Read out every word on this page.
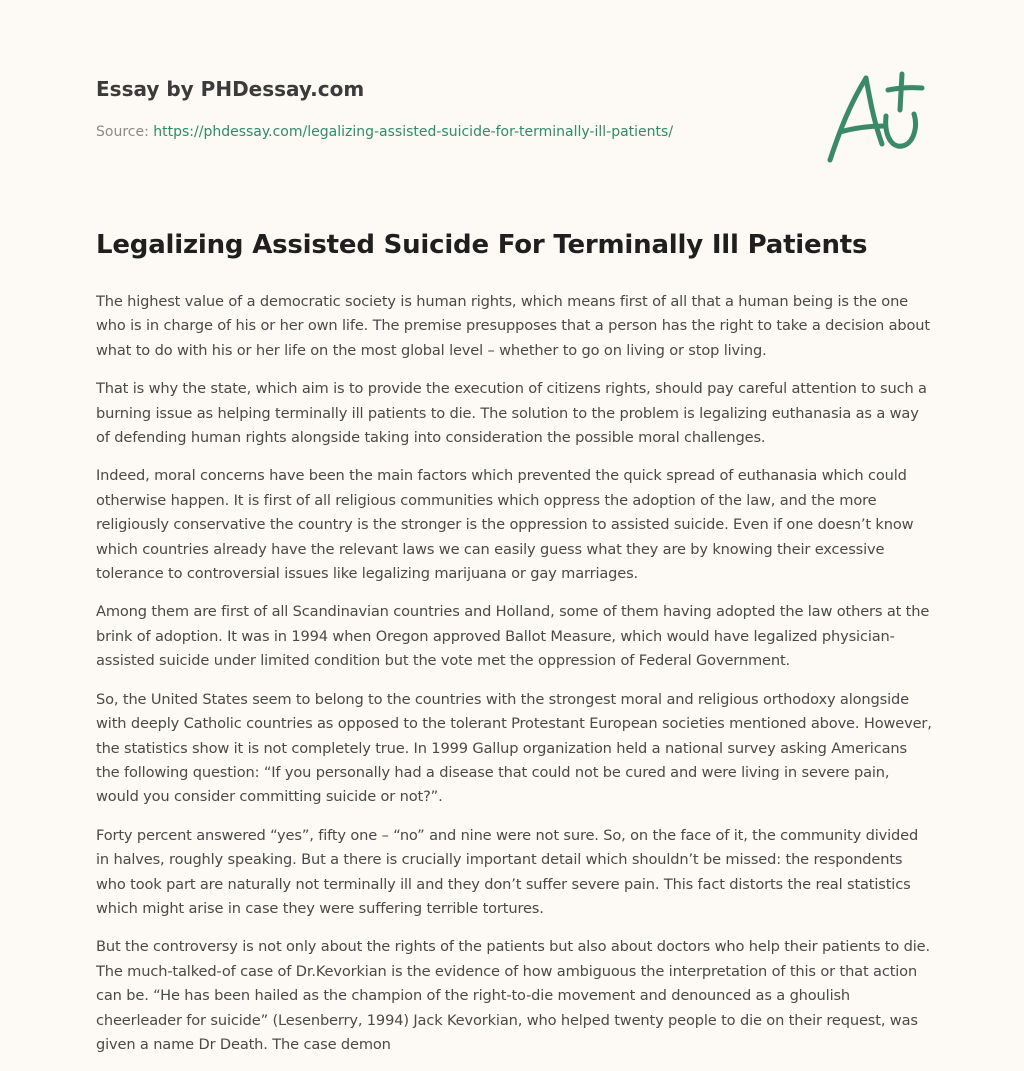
Essay by PHDessay.com
Source: https://phdessay.com/legalizing-assisted-suicide-for-terminally-ill-patients/
Legalizing Assisted Suicide For Terminally Ill Patients

The highest value of a democratic society is human rights, which means first of all that a human being is the one who is in charge of his or her own life. The premise presupposes that a person has the right to take a decision about what to do with his or her life on the most global level – whether to go on living or stop living.

That is why the state, which aim is to provide the execution of citizens rights, should pay careful attention to such a burning issue as helping terminally ill patients to die. The solution to the problem is legalizing euthanasia as a way of defending human rights alongside taking into consideration the possible moral challenges.

Indeed, moral concerns have been the main factors which prevented the quick spread of euthanasia which could otherwise happen. It is first of all religious communities which oppress the adoption of the law, and the more religiously conservative the country is the stronger is the oppression to assisted suicide. Even if one doesn’t know which countries already have the relevant laws we can easily guess what they are by knowing their excessive tolerance to controversial issues like legalizing marijuana or gay marriages.

Among them are first of all Scandinavian countries and Holland, some of them having adopted the law others at the brink of adoption. It was in 1994 when Oregon approved Ballot Measure, which would have legalized physician-assisted suicide under limited condition but the vote met the oppression of Federal Government.

So, the United States seem to belong to the countries with the strongest moral and religious orthodoxy alongside with deeply Catholic countries as opposed to the tolerant Protestant European societies mentioned above. However, the statistics show it is not completely true. In 1999 Gallup organization held a national survey asking Americans the following question: “If you personally had a disease that could not be cured and were living in severe pain, would you consider committing suicide or not?”.

Forty percent answered “yes”, fifty one – “no” and nine were not sure. So, on the face of it, the community divided in halves, roughly speaking. But a there is crucially important detail which shouldn’t be missed: the respondents who took part are naturally not terminally ill and they don’t suffer severe pain. This fact distorts the real statistics which might arise in case they were suffering terrible tortures.

But the controversy is not only about the rights of the patients but also about doctors who help their patients to die. The much-talked-of case of Dr.Kevorkian is the evidence of how ambiguous the interpretation of this or that action can be. “He has been hailed as the champion of the right-to-die movement and denounced as a ghoulish cheerleader for suicide” (Lesenberry, 1994) Jack Kevorkian, who helped twenty people to die on their request, was given a name Dr Death. The case demon
